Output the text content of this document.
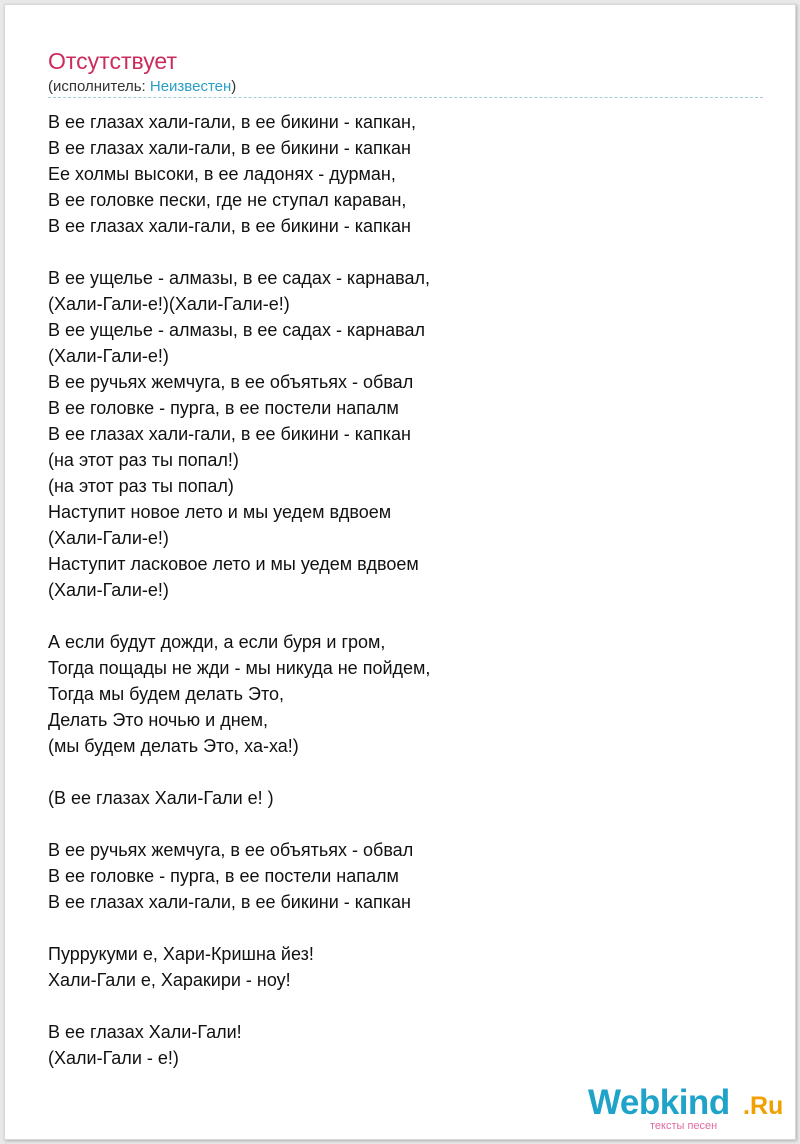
Отсутствует
(исполнитель: Неизвестен)
В ее глазах хали-гали, в ее бикини - капкан,
В ее глазах хали-гали, в ее бикини - капкан
Ее холмы высоки, в ее ладонях - дурман,
В ее головке пески, где не ступал караван,
В ее глазах хали-гали, в ее бикини - капкан
В ее ущелье - алмазы, в ее садах - карнавал,
(Хали-Гали-е!)(Хали-Гали-е!)
В ее ущелье - алмазы, в ее садах - карнавал
(Хали-Гали-е!)
В ее ручьях жемчуга, в ее объятьях - обвал
В ее головке - пурга, в ее постели напалм
В ее глазах хали-гали, в ее бикини - капкан
(на этот раз ты попал!)
(на этот раз ты попал)
Наступит новое лето и мы уедем вдвоем
(Хали-Гали-е!)
Наступит ласковое лето и мы уедем вдвоем
(Хали-Гали-е!)
А если будут дожди, а если буря и гром,
Тогда пощады не жди - мы никуда не пойдем,
Тогда мы будем делать Это,
Делать Это ночью и днем,
(мы будем делать Это, ха-ха!)
(В ее глазах Хали-Гали е! )
В ее ручьях жемчуга, в ее объятьях - обвал
В ее головке - пурга, в ее постели напалм
В ее глазах хали-гали, в ее бикини - капкан
Пуррукуми е, Хари-Кришна йез!
Хали-Гали е, Харакири - ноу!
В ее глазах Хали-Гали!
(Хали-Гали - е!)
Webkind .Ru
тексты песен
